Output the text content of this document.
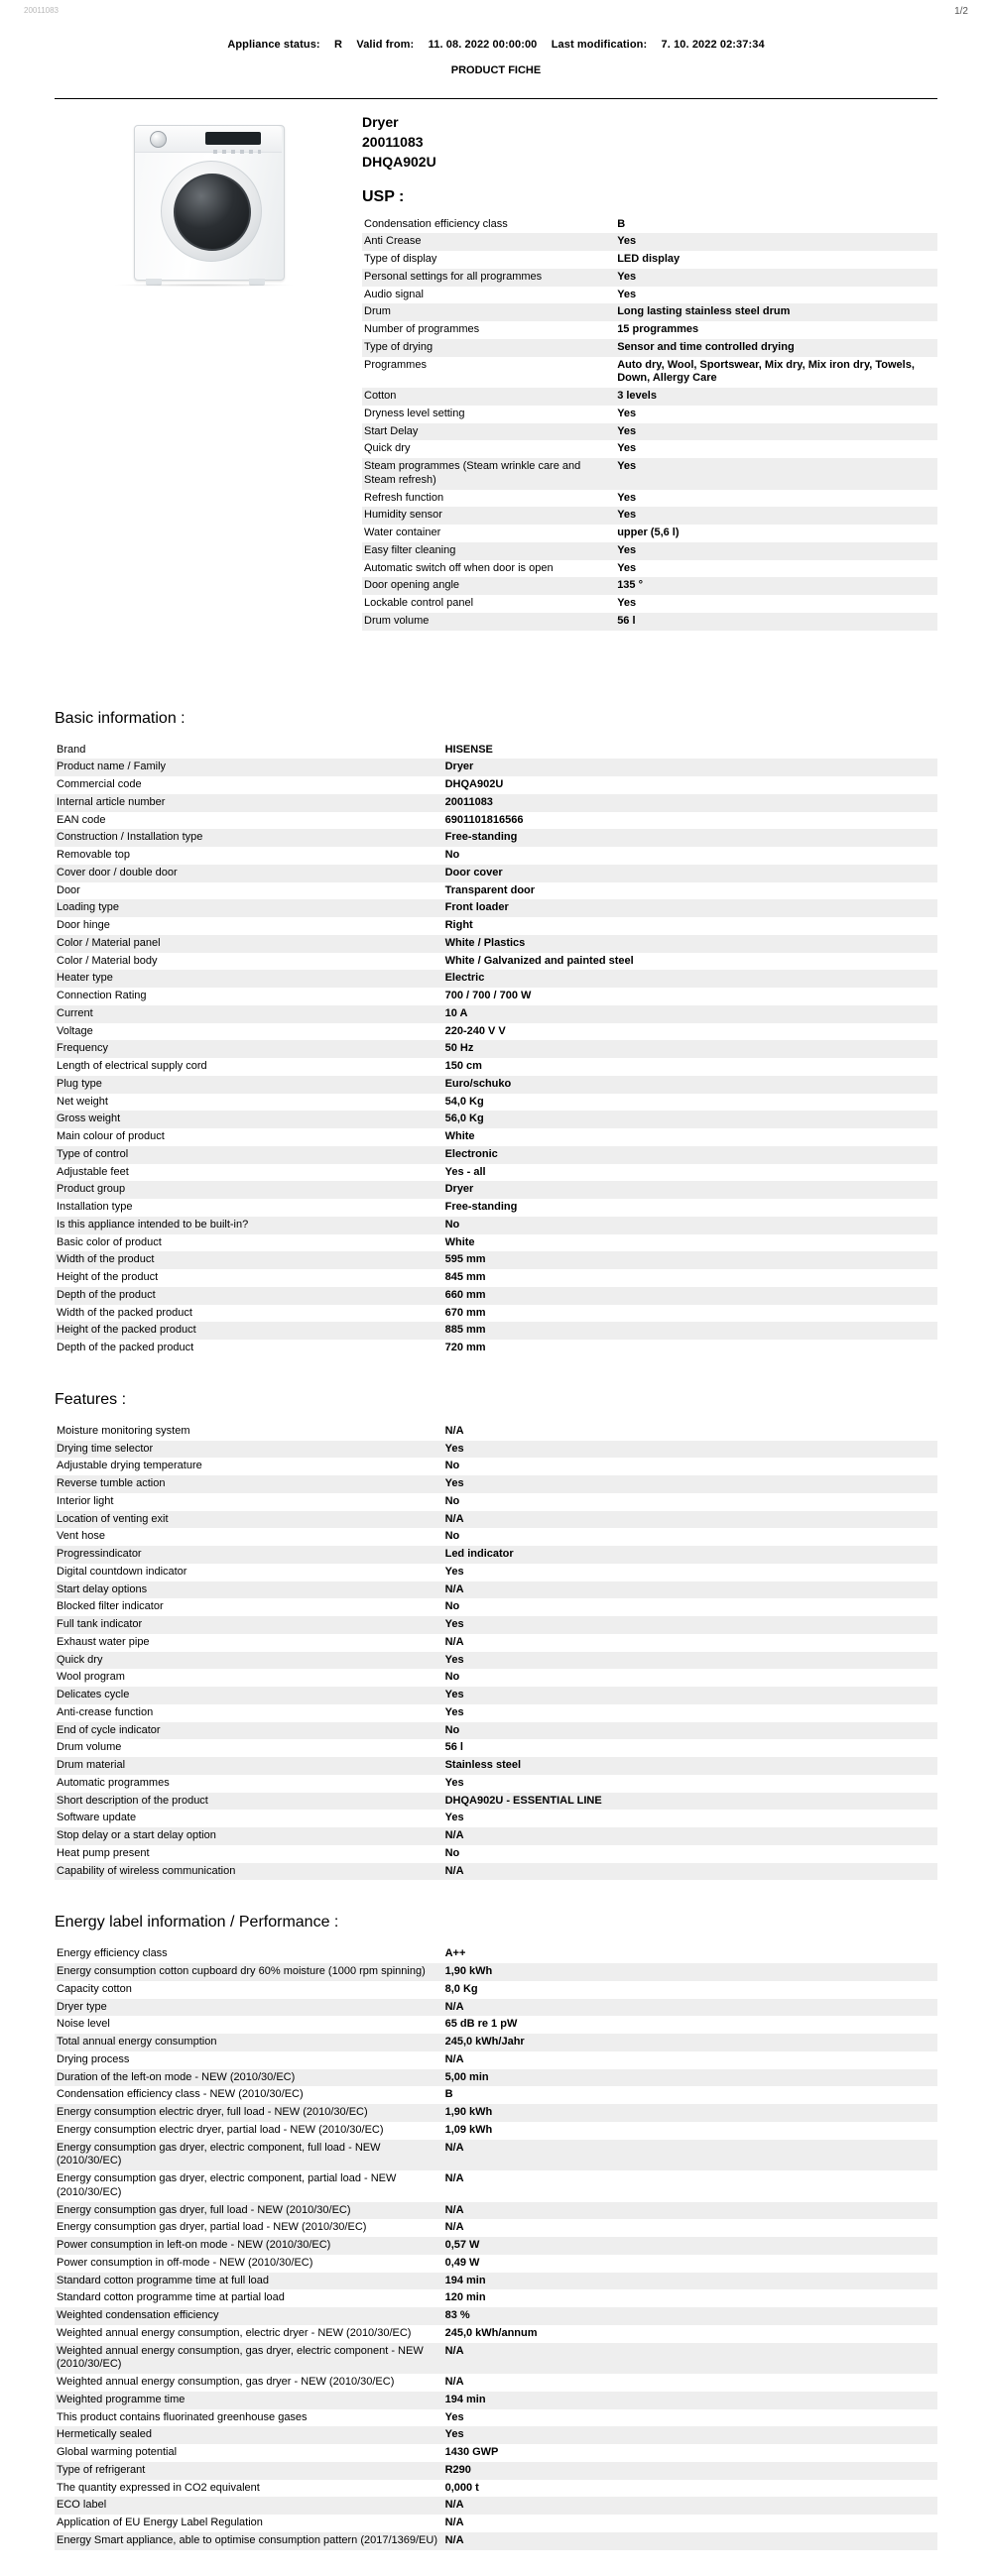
20011083	1/2
Appliance status: R Valid from: 11. 08. 2022 00:00:00 Last modification: 7. 10. 2022 02:37:34
PRODUCT FICHE
Dryer
20011083
DHQA902U
USP :
Condensation efficiency class	B
Anti Crease	Yes
Type of display	LED display
Personal settings for all programmes	Yes
Audio signal	Yes
Drum	Long lasting stainless steel drum
Number of programmes	15 programmes
Type of drying	Sensor and time controlled drying
Programmes	Auto dry, Wool, Sportswear, Mix dry, Mix iron dry, Towels, Down, Allergy Care
Cotton	3 levels
Dryness level setting	Yes
Start Delay	Yes
Quick dry	Yes
Steam programmes (Steam wrinkle care and Steam refresh)	Yes
Refresh function	Yes
Humidity sensor	Yes
Water container	upper (5,6 l)
Easy filter cleaning	Yes
Automatic switch off when door is open	Yes
Door opening angle	135 °
Lockable control panel	Yes
Drum volume	56 l
Basic information :
Brand	HISENSE
Product name / Family	Dryer
Commercial code	DHQA902U
Internal article number	20011083
EAN code	6901101816566
Construction / Installation type	Free-standing
Removable top	No
Cover door / double door	Door cover
Door	Transparent door
Loading type	Front loader
Door hinge	Right
Color / Material panel	White / Plastics
Color / Material body	White / Galvanized and painted steel
Heater type	Electric
Connection Rating	700 / 700 / 700 W
Current	10 A
Voltage	220-240 V V
Frequency	50 Hz
Length of electrical supply cord	150 cm
Plug type	Euro/schuko
Net weight	54,0 Kg
Gross weight	56,0 Kg
Main colour of product	White
Type of control	Electronic
Adjustable feet	Yes - all
Product group	Dryer
Installation type	Free-standing
Is this appliance intended to be built-in?	No
Basic color of product	White
Width of the product	595 mm
Height of the product	845 mm
Depth of the product	660 mm
Width of the packed product	670 mm
Height of the packed product	885 mm
Depth of the packed product	720 mm
Features :
Moisture monitoring system	N/A
Drying time selector	Yes
Adjustable drying temperature	No
Reverse tumble action	Yes
Interior light	No
Location of venting exit	N/A
Vent hose	No
Progressindicator	Led indicator
Digital countdown indicator	Yes
Start delay options	N/A
Blocked filter indicator	No
Full tank indicator	Yes
Exhaust water pipe	N/A
Quick dry	Yes
Wool program	No
Delicates cycle	Yes
Anti-crease function	Yes
End of cycle indicator	No
Drum volume	56 l
Drum material	Stainless steel
Automatic programmes	Yes
Short description of the product	DHQA902U - ESSENTIAL LINE
Software update	Yes
Stop delay or a start delay option	N/A
Heat pump present	No
Capability of wireless communication	N/A
Energy label information / Performance :
Energy efficiency class	A++
Energy consumption cotton cupboard dry 60% moisture (1000 rpm spinning)	1,90 kWh
Capacity cotton	8,0 Kg
Dryer type	N/A
Noise level	65 dB re 1 pW
Total annual energy consumption	245,0 kWh/Jahr
Drying process	N/A
Duration of the left-on mode - NEW (2010/30/EC)	5,00 min
Condensation efficiency class - NEW (2010/30/EC)	B
Energy consumption electric dryer, full load - NEW (2010/30/EC)	1,90 kWh
Energy consumption electric dryer, partial load - NEW (2010/30/EC)	1,09 kWh
Energy consumption gas dryer, electric component, full load - NEW (2010/30/EC)	N/A
Energy consumption gas dryer, electric component, partial load - NEW (2010/30/EC)	N/A
Energy consumption gas dryer, full load - NEW (2010/30/EC)	N/A
Energy consumption gas dryer, partial load - NEW (2010/30/EC)	N/A
Power consumption in left-on mode - NEW (2010/30/EC)	0,57 W
Power consumption in off-mode - NEW (2010/30/EC)	0,49 W
Standard cotton programme time at full load	194 min
Standard cotton programme time at partial load	120 min
Weighted condensation efficiency	83 %
Weighted annual energy consumption, electric dryer - NEW (2010/30/EC)	245,0 kWh/annum
Weighted annual energy consumption, gas dryer, electric component - NEW (2010/30/EC)	N/A
Weighted annual energy consumption, gas dryer - NEW (2010/30/EC)	N/A
Weighted programme time	194 min
This product contains fluorinated greenhouse gases	Yes
Hermetically sealed	Yes
Global warming potential	1430 GWP
Type of refrigerant	R290
The quantity expressed in CO2 equivalent	0,000 t
ECO label	N/A
Application of EU Energy Label Regulation	N/A
Energy Smart appliance, able to optimise consumption pattern (2017/1369/EU)	N/A
